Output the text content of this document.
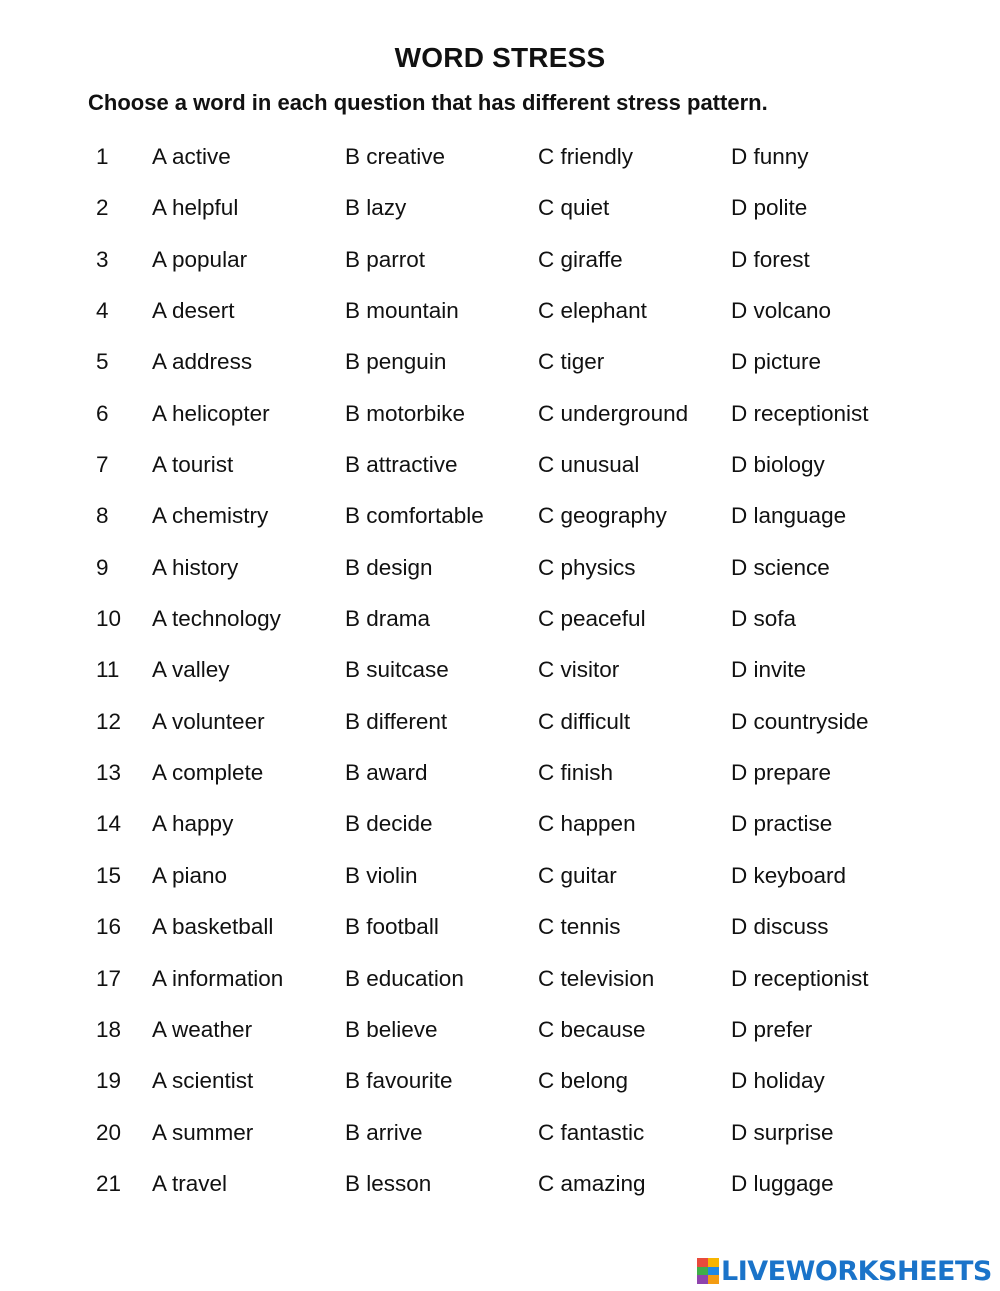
WORD STRESS
Choose a word in each question that has different stress pattern.
1 A active	B creative	C friendly	D funny
2 A helpful	B lazy	C quiet	D polite
3 A popular	B parrot	C giraffe	D forest
4 A desert	B mountain	C elephant	D volcano
5 A address	B penguin	C tiger	D picture
6 A helicopter	B motorbike	C underground D receptionist
7 A tourist	B attractive	C unusual	D biology
8 A chemistry	B comfortable C geography	D language
9 A history	B design	C physics	D science
10 A technology	B drama	C peaceful	D sofa
11 A valley	B suitcase	C visitor	D invite
12 A volunteer	B different	C difficult	D countryside
13 A complete	B award	C finish	D prepare
14 A happy	B decide	C happen	D practise
15 A piano	B violin	C guitar	D keyboard
16 A basketball	B football	C tennis	D discuss
17 A information	B education	C television	D receptionist
18 A weather	B believe	C because	D prefer
19 A scientist	B favourite	C belong	D holiday
20 A summer	B arrive	C fantastic	D surprise
21 A travel	B lesson	C amazing	D luggage
LIVEWORKSHEETS
